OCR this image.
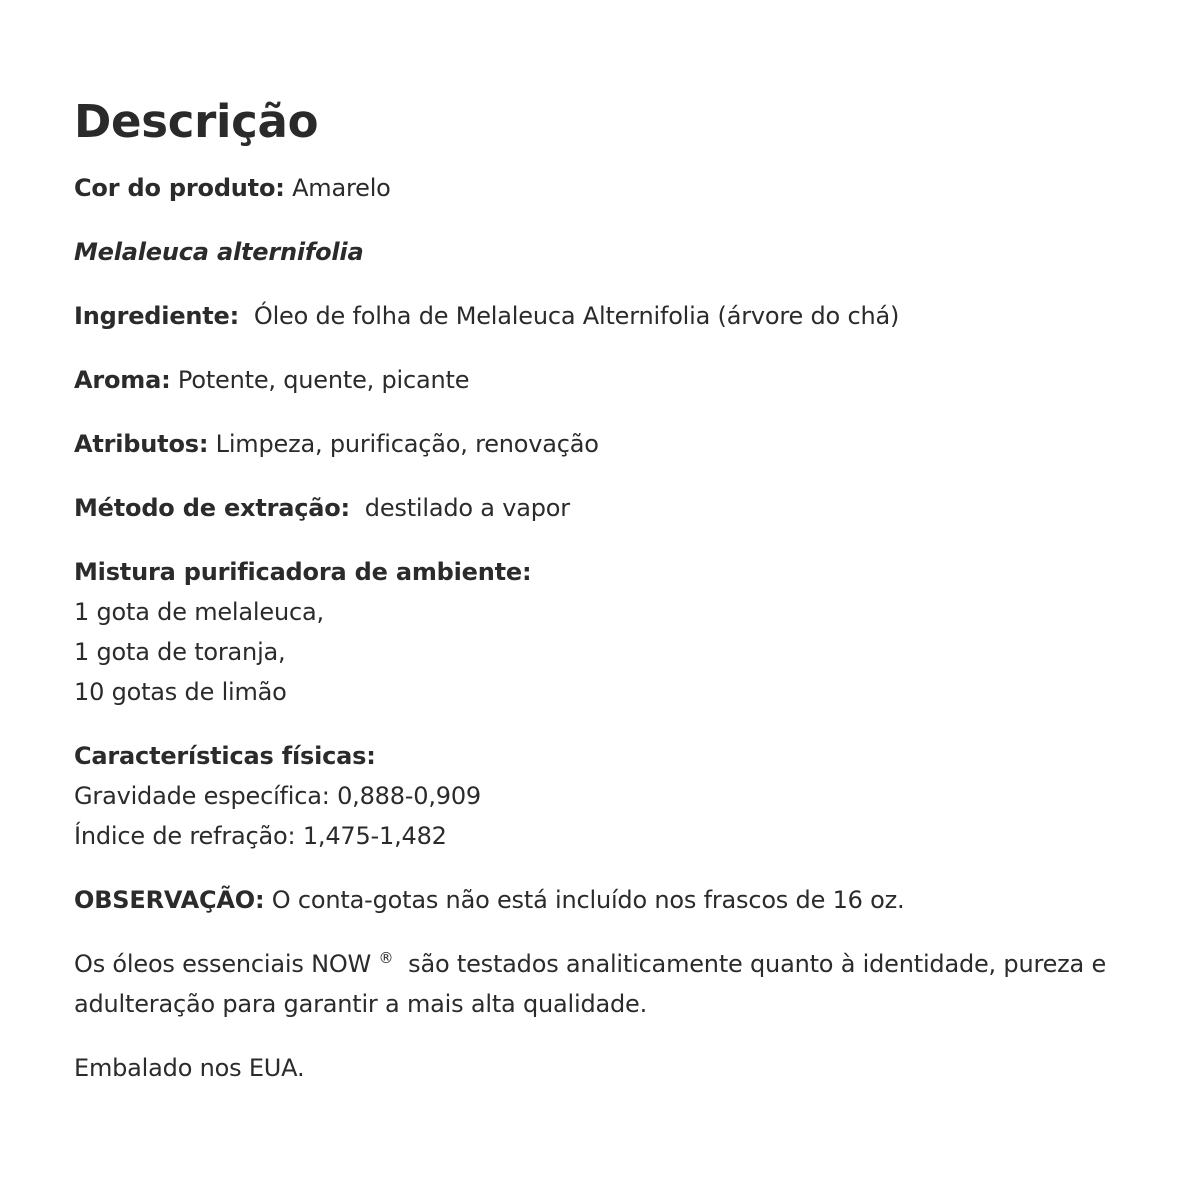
Descrição

Cor do produto: Amarelo

Melaleuca alternifolia

Ingrediente:  Óleo de folha de Melaleuca Alternifolia (árvore do chá)

Aroma: Potente, quente, picante

Atributos: Limpeza, purificação, renovação

Método de extração:  destilado a vapor

Mistura purificadora de ambiente:
1 gota de melaleuca,
1 gota de toranja,
10 gotas de limão

Características físicas:
Gravidade específica: 0,888-0,909
Índice de refração: 1,475-1,482

OBSERVAÇÃO: O conta-gotas não está incluído nos frascos de 16 oz.

Os óleos essenciais NOW ®  são testados analiticamente quanto à identidade, pureza e adulteração para garantir a mais alta qualidade.

Embalado nos EUA.
